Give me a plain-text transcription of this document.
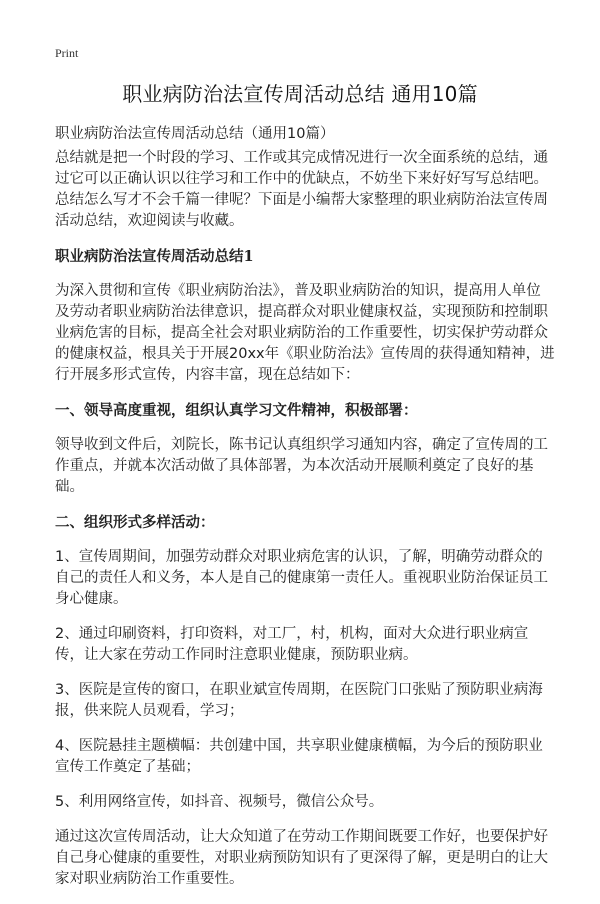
Print
职业病防治法宣传周活动总结 通用10篇
职业病防治法宣传周活动总结（通用10篇）

总结就是把一个时段的学习、工作或其完成情况进行一次全面系统的总结，通过它可以正确认识以往学习和工作中的优缺点，不妨坐下来好好写写总结吧。总结怎么写才不会千篇一律呢？下面是小编帮大家整理的职业病防治法宣传周活动总结，欢迎阅读与收藏。

职业病防治法宣传周活动总结1

为深入贯彻和宣传《职业病防治法》，普及职业病防治的知识，提高用人单位及劳动者职业病防治法律意识，提高群众对职业健康权益，实现预防和控制职业病危害的目标，提高全社会对职业病防治的工作重要性，切实保护劳动群众的健康权益，根具关于开展20xx年《职业防治法》宣传周的获得通知精神，进行开展多形式宣传，内容丰富，现在总结如下：

一、领导高度重视，组织认真学习文件精神，积极部署：

领导收到文件后，刘院长，陈书记认真组织学习通知内容，确定了宣传周的工作重点，并就本次活动做了具体部署，为本次活动开展顺利奠定了良好的基础。

二、组织形式多样活动：

1、宣传周期间，加强劳动群众对职业病危害的认识，了解，明确劳动群众的自己的责任人和义务，本人是自己的健康第一责任人。重视职业防治保证员工身心健康。

2、通过印刷资料，打印资料，对工厂，村，机构，面对大众进行职业病宣传，让大家在劳动工作同时注意职业健康，预防职业病。

3、医院是宣传的窗口，在职业斌宣传周期，在医院门口张贴了预防职业病海报，供来院人员观看，学习；

4、医院悬挂主题横幅：共创建中国，共享职业健康横幅，为今后的预防职业宣传工作奠定了基础；

5、利用网络宣传，如抖音、视频号，微信公众号。

通过这次宣传周活动，让大众知道了在劳动工作期间既要工作好，也要保护好自己身心健康的重要性，对职业病预防知识有了更深得了解，更是明白的让大家对职业病防治工作重要性。
